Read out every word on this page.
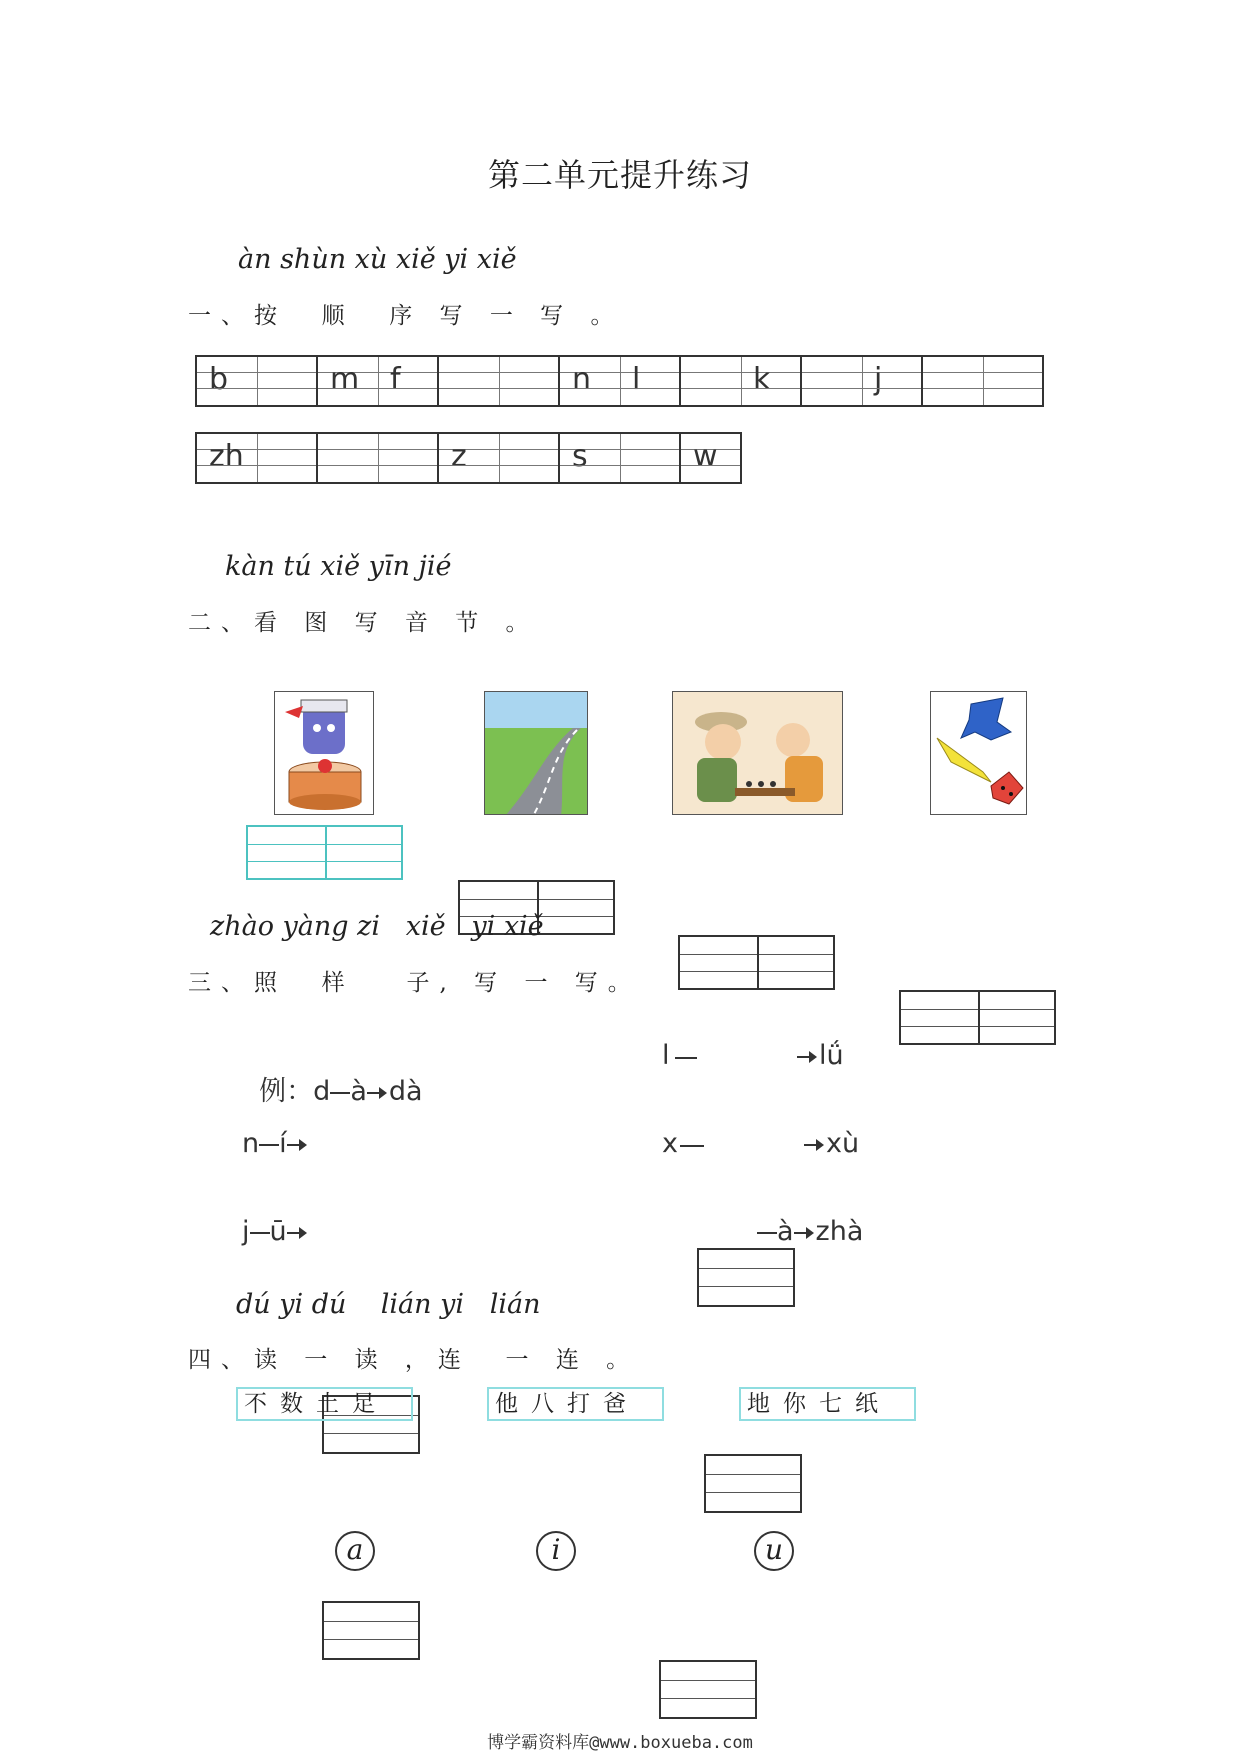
第二单元提升练习
àn shùn xù xiě yi xiě
一、按  顺  序 写 一 写 。
b	m f	n l	k	j
zh	z	s	w
kàn tú xiě yīn jié
二、看 图 写 音 节 。
zhào yàng zi   xiě   yi xiě
三、照  样   子, 写 一 写。

例：d à dà

l	lǘ
n í	x	xù
j ū	à zhà
dú yi dú    lián yi   lián
四、读 一 读 ，连  一 连 。
不数土足	他八打爸	地你七纸
a	i	u
博学霸资料库@www.boxueba.com
